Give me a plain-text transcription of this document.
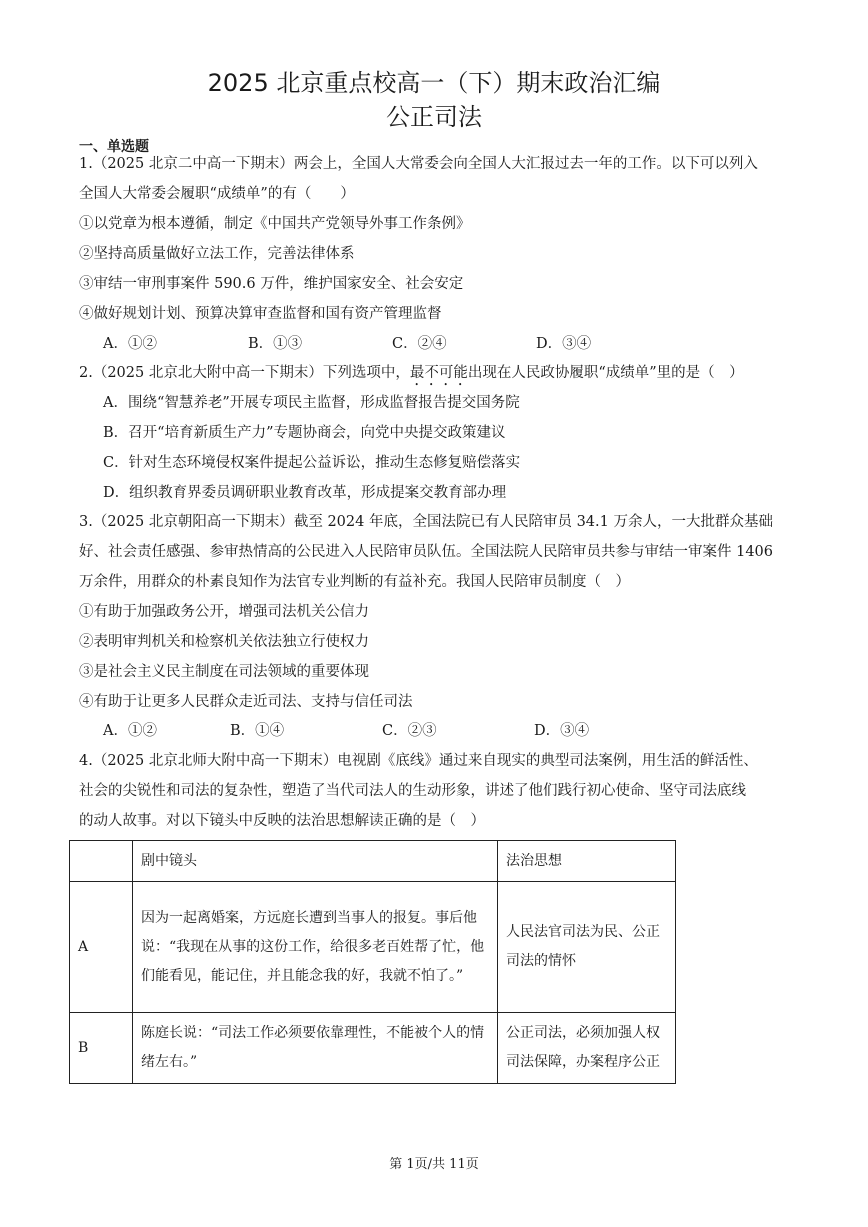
2025 北京重点校高一（下）期末政治汇编
公正司法
一、单选题
1.（2025 北京二中高一下期末）两会上，全国人大常委会向全国人大汇报过去一年的工作。以下可以列入
全国人大常委会履职“成绩单”的有（　　）
①以党章为根本遵循，制定《中国共产党领导外事工作条例》
②坚持高质量做好立法工作，完善法律体系
③审结一审刑事案件 590.6 万件，维护国家安全、社会安定
④做好规划计划、预算决算审查监督和国有资产管理监督
A．①②	B．①③	C．②④	D．③④
2.（2025 北京北大附中高一下期末）下列选项中，最不可能出现在人民政协履职“成绩单”里的是（　）
A．围绕“智慧养老”开展专项民主监督，形成监督报告提交国务院
B．召开“培育新质生产力”专题协商会，向党中央提交政策建议
C．针对生态环境侵权案件提起公益诉讼，推动生态修复赔偿落实
D．组织教育界委员调研职业教育改革，形成提案交教育部办理
3.（2025 北京朝阳高一下期末）截至 2024 年底，全国法院已有人民陪审员 34.1 万余人，一大批群众基础
好、社会责任感强、参审热情高的公民进入人民陪审员队伍。全国法院人民陪审员共参与审结一审案件 1406
万余件，用群众的朴素良知作为法官专业判断的有益补充。我国人民陪审员制度（　）
①有助于加强政务公开，增强司法机关公信力
②表明审判机关和检察机关依法独立行使权力
③是社会主义民主制度在司法领域的重要体现
④有助于让更多人民群众走近司法、支持与信任司法
A．①②	B．①④	C．②③	D．③④
4.（2025 北京北师大附中高一下期末）电视剧《底线》通过来自现实的典型司法案例，用生活的鲜活性、
社会的尖锐性和司法的复杂性，塑造了当代司法人的生动形象，讲述了他们践行初心使命、坚守司法底线
的动人故事。对以下镜头中反映的法治思想解读正确的是（　）
	剧中镜头	法治思想
A	因为一起离婚案，方远庭长遭到当事人的报复。事后他说：“我现在从事的这份工作，给很多老百姓帮了忙，他们能看见，能记住，并且能念我的好，我就不怕了。”	人民法官司法为民、公正司法的情怀
B	陈庭长说：“司法工作必须要依靠理性，不能被个人的情绪左右。”	公正司法，必须加强人权司法保障，办案程序公正
第 1页/共 11页
